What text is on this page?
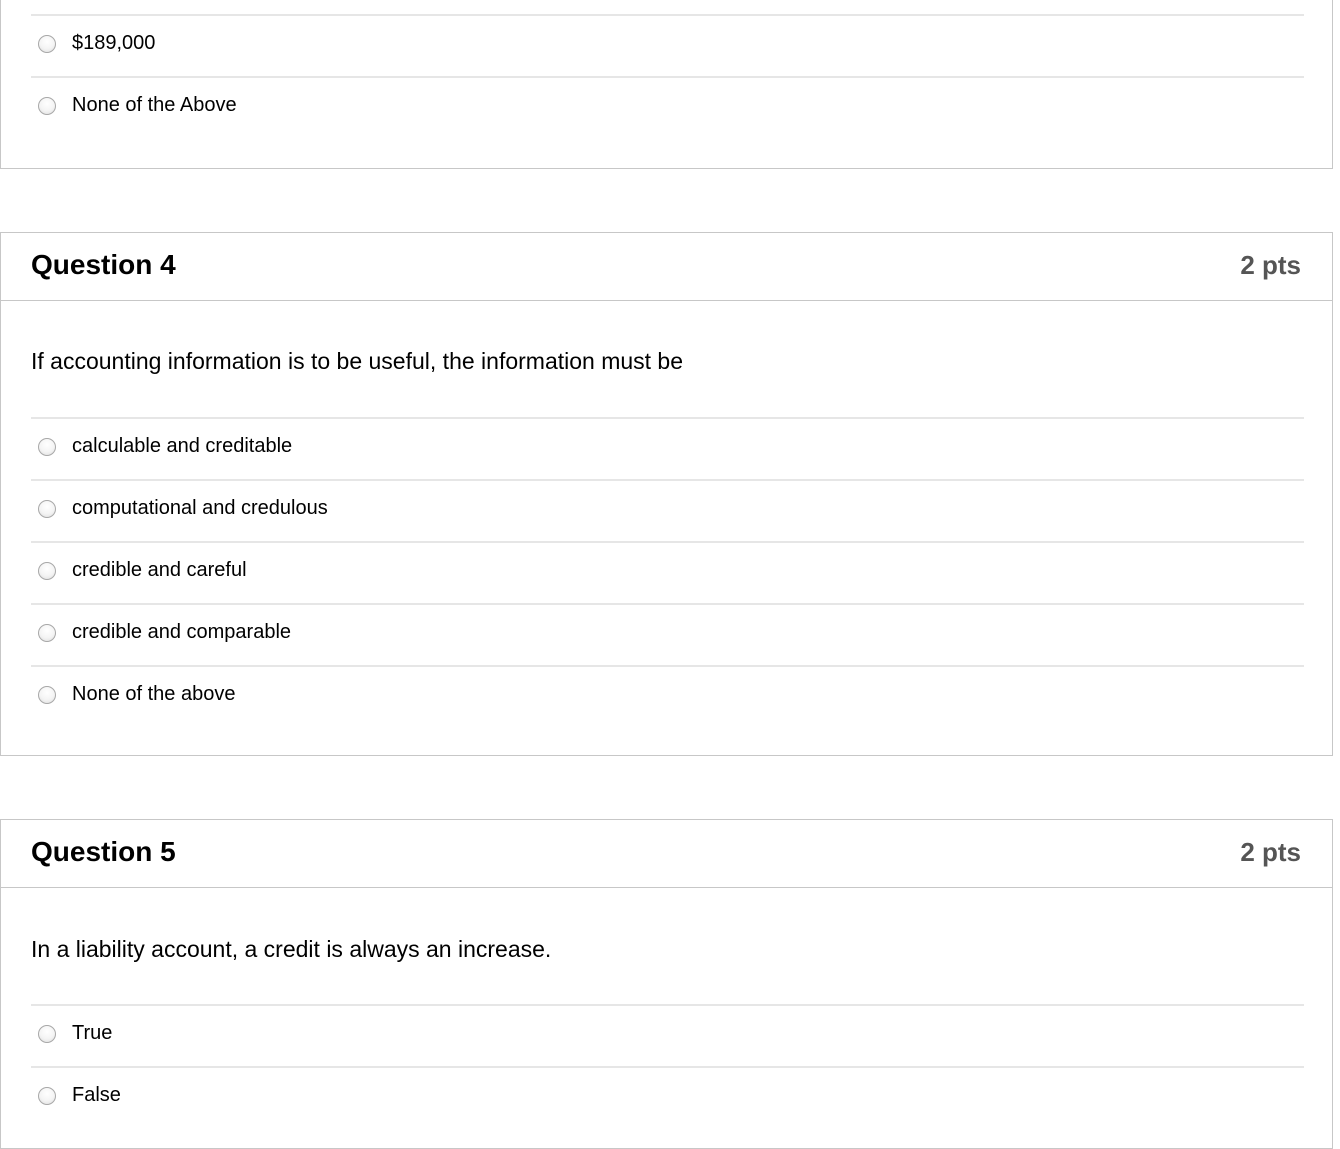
$189,000
None of the Above
Question 4	2 pts
If accounting information is to be useful, the information must be
calculable and creditable
computational and credulous
credible and careful
credible and comparable
None of the above
Question 5	2 pts
In a liability account, a credit is always an increase.
True
False
